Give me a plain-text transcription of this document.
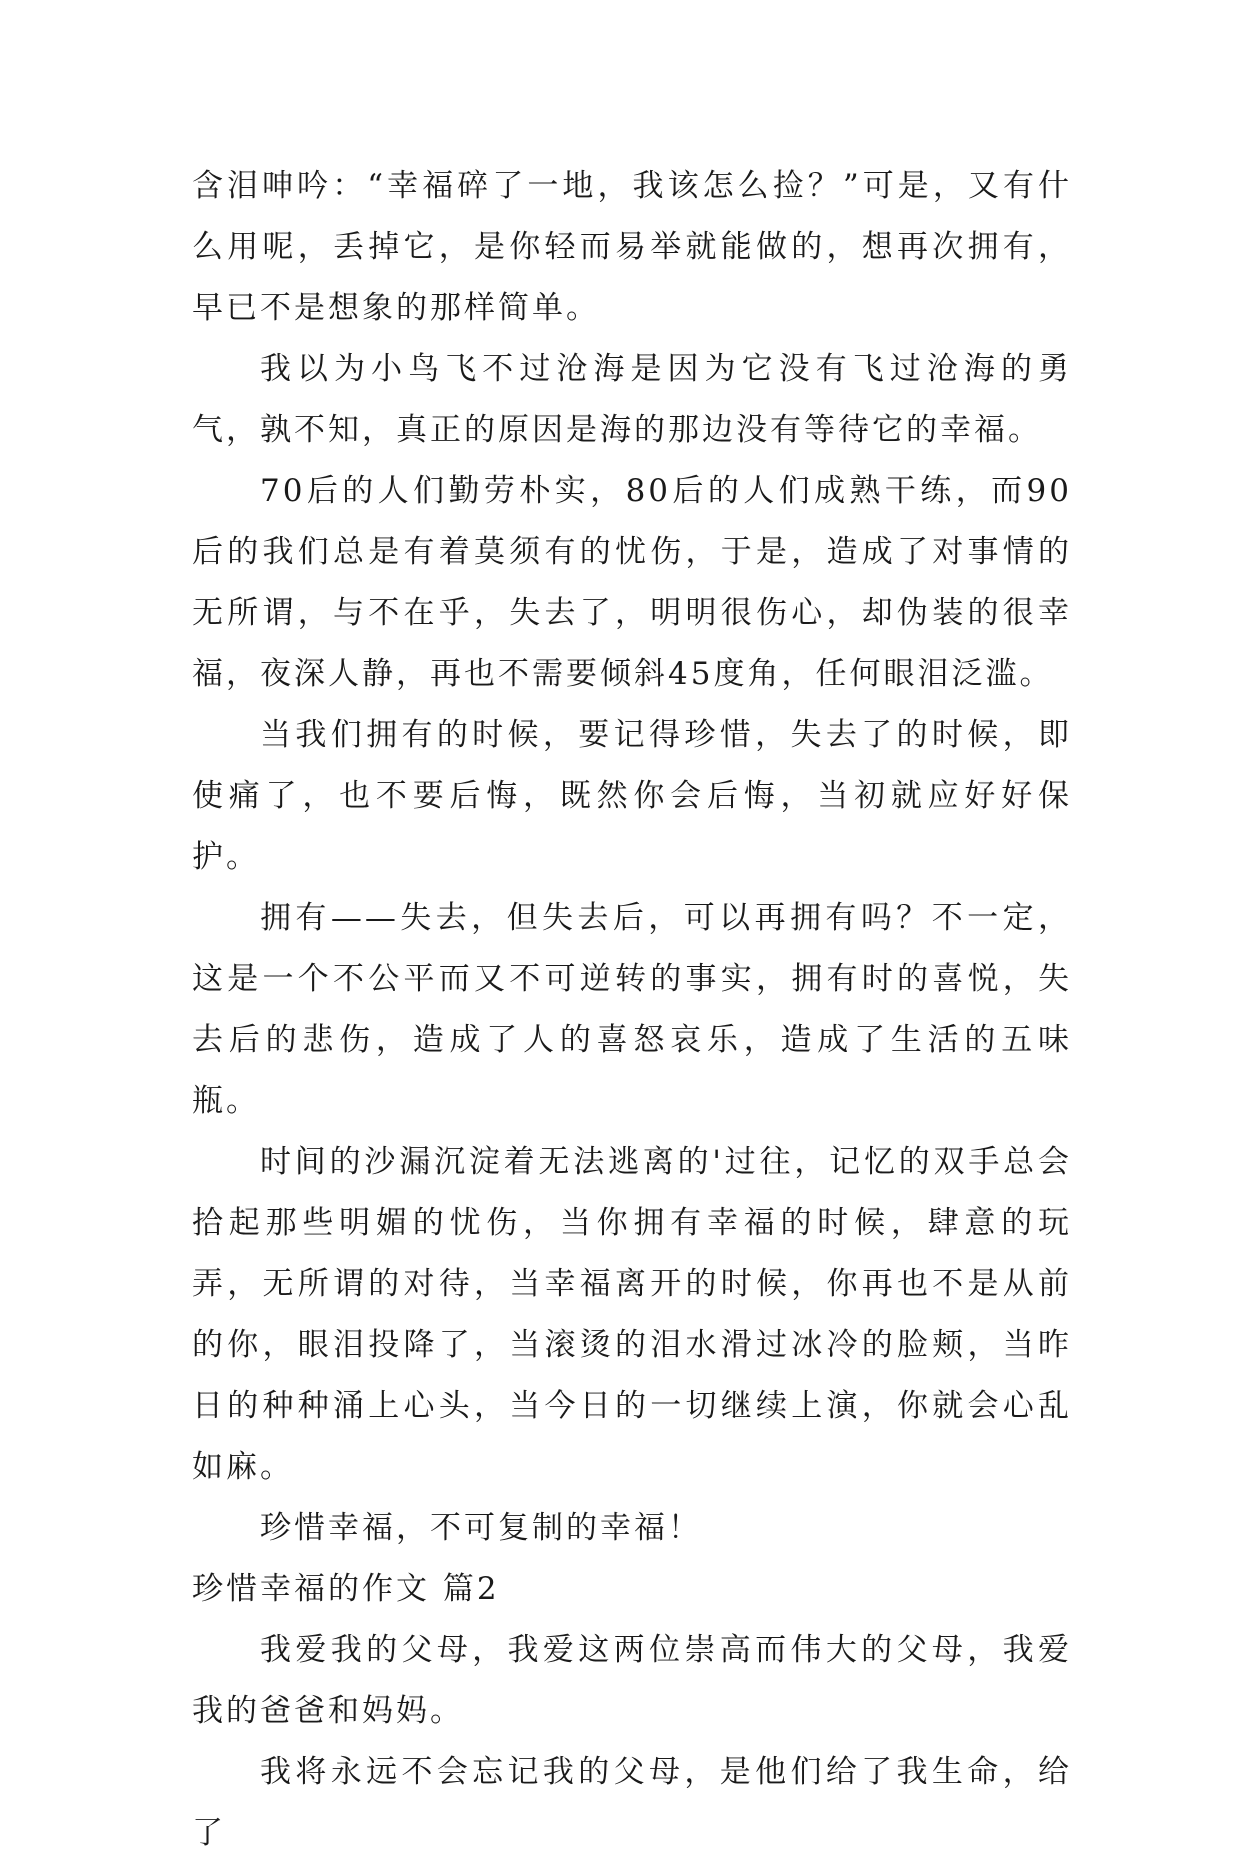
含泪呻吟：“幸福碎了一地，我该怎么捡？”可是，又有什么用呢，丢掉它，是你轻而易举就能做的，想再次拥有，早已不是想象的那样简单。

我以为小鸟飞不过沧海是因为它没有飞过沧海的勇气，孰不知，真正的原因是海的那边没有等待它的幸福。

70后的人们勤劳朴实，80后的人们成熟干练，而90后的我们总是有着莫须有的忧伤，于是，造成了对事情的无所谓，与不在乎，失去了，明明很伤心，却伪装的很幸福，夜深人静，再也不需要倾斜45度角，任何眼泪泛滥。

当我们拥有的时候，要记得珍惜，失去了的时候，即使痛了，也不要后悔，既然你会后悔，当初就应好好保护。

拥有——失去，但失去后，可以再拥有吗？不一定，这是一个不公平而又不可逆转的事实，拥有时的喜悦，失去后的悲伤，造成了人的喜怒哀乐，造成了生活的五味瓶。

时间的沙漏沉淀着无法逃离的'过往，记忆的双手总会拾起那些明媚的忧伤，当你拥有幸福的时候，肆意的玩弄，无所谓的对待，当幸福离开的时候，你再也不是从前的你，眼泪投降了，当滚烫的泪水滑过冰冷的脸颊，当昨日的种种涌上心头，当今日的一切继续上演，你就会心乱如麻。

珍惜幸福，不可复制的幸福！

珍惜幸福的作文 篇2

我爱我的父母，我爱这两位崇高而伟大的父母，我爱我的爸爸和妈妈。

我将永远不会忘记我的父母，是他们给了我生命，给了
